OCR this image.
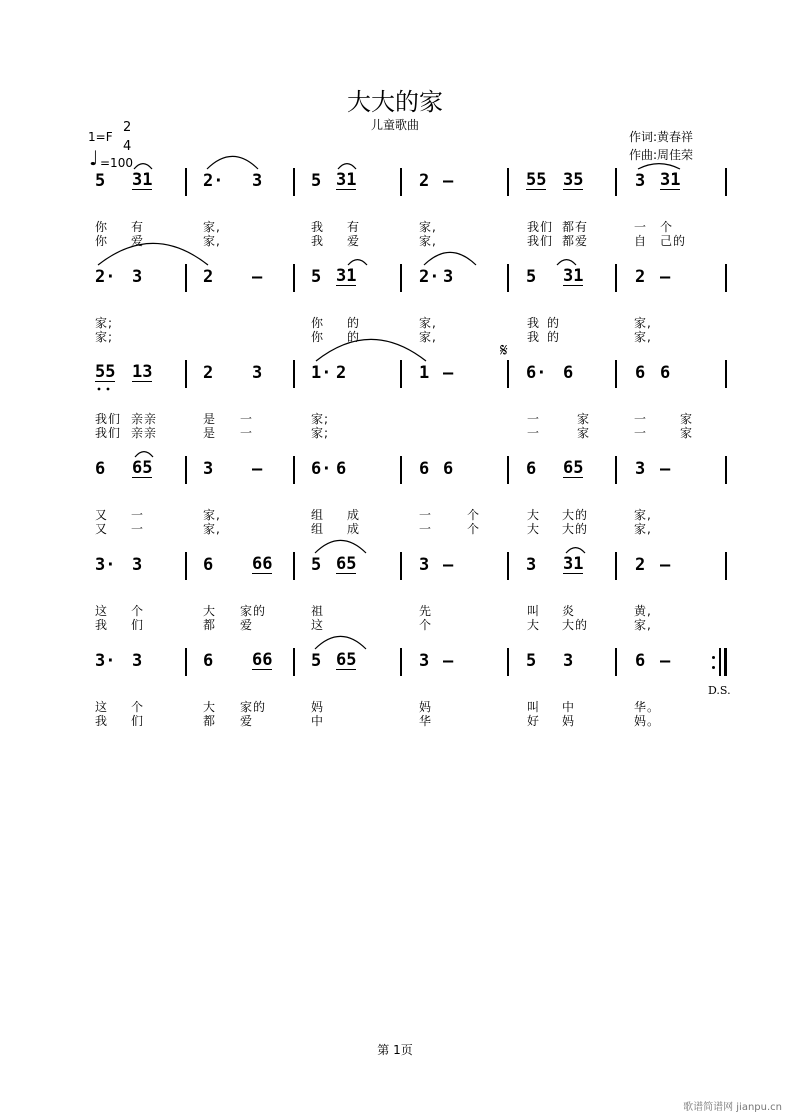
大大的家
儿童歌曲
1=F
2
4
♩ =100
作词:黄春祥
作曲:周佳荣
5 31	2· 3	5 31	2 –	55 35	3 31
你 有	家,	我 有	家,	我们 都有	一 个
你 爱	家,	我 爱	家,	我们 都爱	自 己的
2· 3	2 –	5 31	2· 3	5 31	2 –
家;	你 的	家,	我 的	家,
家;	你 的	家,	我 的	家,
55 13	2 3	1· 2	1 –	6· 6	6 6
我们 亲亲	是 一	家;	一	家	一	家
我们 亲亲	是 一	家;	一	家	一	家
𝄋
6 65	3 –	6· 6	6 6	6 65	3 –
又 一	家,	组 成	一	个	大 大的	家,
又 一	家,	组 成	一	个	大 大的	家,
3· 3	6 66 5 65	3 –	3 31	2 –
这 个	大 家的	祖	先	叫 炎	黄,
我 们	都 爱	这	个	大 大的	家,
3· 3	6 66 5 65	3 –	5 3	6 –
这 个	大 家的	妈	妈	叫 中	华。
我 们	都 爱	中	华	好 妈	妈。
D.S.
第 1页
歌谱简谱网 jianpu.cn
